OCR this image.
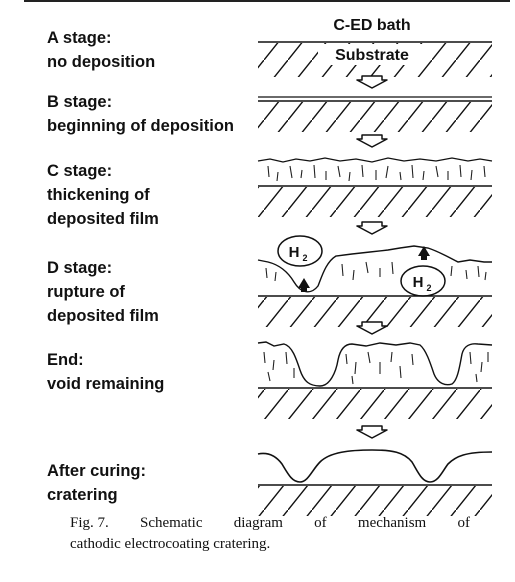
C-ED bath
Substrate
H 2
H 2
A stage:
no deposition
B stage:
beginning of deposition
C stage:
thickening of
deposited film
D stage:
rupture of
deposited film
End:
void remaining
After curing:
cratering
Fig. 7. Schematic diagram of mechanism of
cathodic electrocoating cratering.
